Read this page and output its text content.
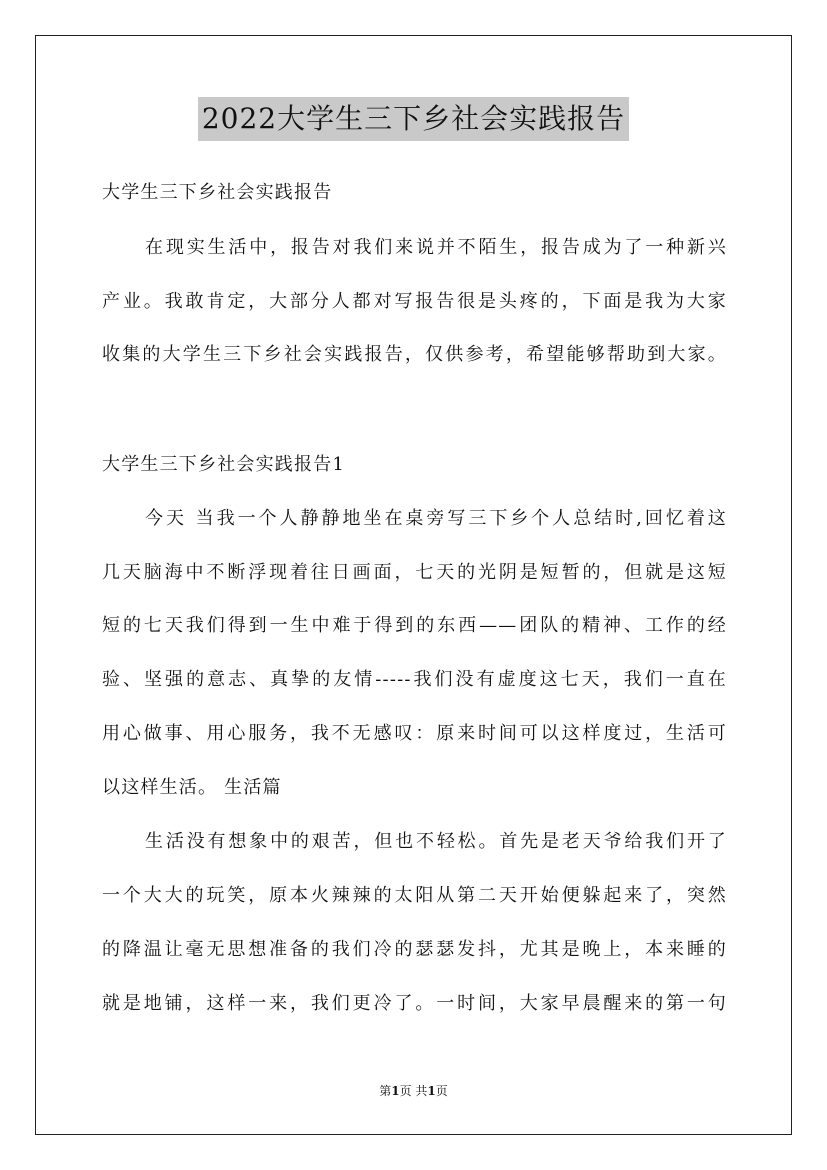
2022大学生三下乡社会实践报告
大学生三下乡社会实践报告
在现实生活中，报告对我们来说并不陌生，报告成为了一种新兴
产业。我敢肯定，大部分人都对写报告很是头疼的，下面是我为大家
收集的大学生三下乡社会实践报告，仅供参考，希望能够帮助到大家。
大学生三下乡社会实践报告1
今天 当我一个人静静地坐在桌旁写三下乡个人总结时,回忆着这
几天脑海中不断浮现着往日画面，七天的光阴是短暂的，但就是这短
短的七天我们得到一生中难于得到的东西——团队的精神、工作的经
验、坚强的意志、真挚的友情-----我们没有虚度这七天，我们一直在
用心做事、用心服务，我不无感叹：原来时间可以这样度过，生活可
以这样生活。 生活篇
生活没有想象中的艰苦，但也不轻松。首先是老天爷给我们开了
一个大大的玩笑，原本火辣辣的太阳从第二天开始便躲起来了，突然
的降温让毫无思想准备的我们冷的瑟瑟发抖，尤其是晚上，本来睡的
就是地铺，这样一来，我们更冷了。一时间，大家早晨醒来的第一句
第1页 共1页
